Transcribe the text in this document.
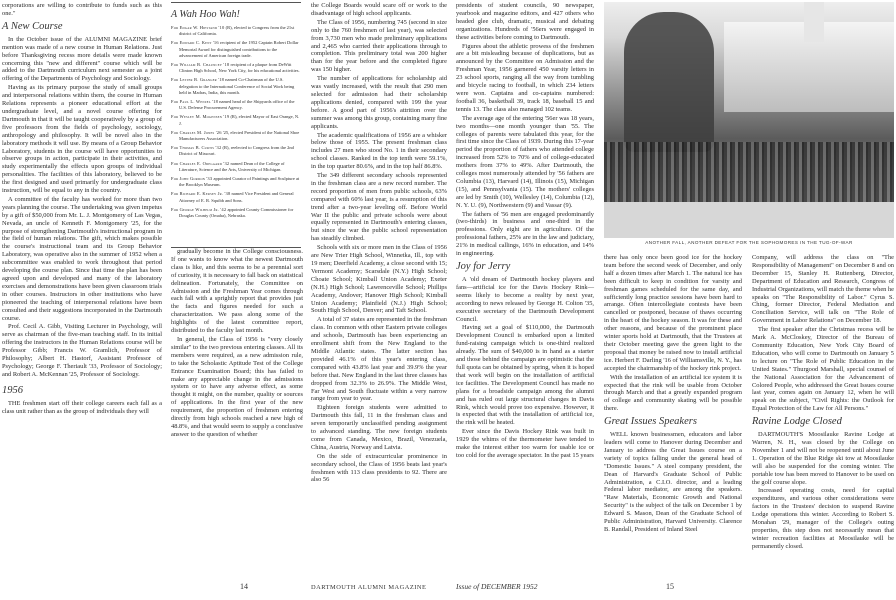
corporations are willing to contribute to funds such as this one."

A New Course

In the October issue of the ALUMNI MAGAZINE brief mention was made of a new course in Human Relations. Just before Thanksgiving recess more details were made known concerning this "new and different" course which will be added to the Dartmouth curriculum next semester as a joint offering of the Departments of Psychology and Sociology.

Having as its primary purpose the study of small groups and interpersonal relations within them, the course in Human Relations represents a pioneer educational effort at the undergraduate level, and a novel course offering for Dartmouth in that it will be taught cooperatively by a group of five professors from the fields of psychology, sociology, anthropology and philosophy. It will be novel also in the laboratory methods it will use. By means of a Group Behavior Laboratory, students in the course will have opportunities to observe groups in action, participate in their activities, and study experimentally the effects upon groups of individual personalities. The facilities of this laboratory, believed to be the first designed and used primarily for undergraduate class instruction, will be equal to any in the country.

A committee of the faculty has worked for more than two years planning the course. The undertaking was given impetus by a gift of $50,000 from Mr. L. J. Montgomery of Las Vegas, Nevada, an uncle of Kenneth F. Montgomery '25, for the purpose of strengthening Dartmouth's instructional program in the field of human relations. The gift, which makes possible the course's instructional team and its Group Behavior Laboratory, was operative also in the summer of 1952 when a subcommittee was enabled to work throughout that period developing the course plan. Since that time the plan has been agreed upon and developed and many of the laboratory exercises and demonstrations have been given classroom trials in other courses. Instructors in other institutions who have pioneered the teaching of interpersonal relations have been consulted and their suggestions incorporated in the Dartmouth course.

Prof. Cecil A. Gibb, Visiting Lecturer in Psychology, will serve as chairman of the five-man teaching staff. In its initial offering the instructors in the Human Relations course will be Professor Gibb; Francis W. Gramlich, Professor of Philosophy; Albert H. Hastorf, Assistant Professor of Psychology; George F. Theriault '33, Professor of Sociology; and Robert A. McKennan '25, Professor of Sociology.

1956

THE freshmen start off their college careers each fall as a class unit rather than as the group of individuals they will

A Wah Hoo Wah!

For Edgar W. Hiestand '10 (R), elected to Congress from the 21st district of California.

For Edward C. Kent '16 recipient of the 1952 Captain Robert Dollar Memorial Award for distinguished contributions to the advancement of American foreign trade.

For William B. Chauncey '18 recipient of a plaque from DeWitt Clinton High School, New York City, for his educational activities.

For Lester B. Granger '18 named Co-Chairman of the U.S. delegation to the International Conference of Social Work being held in Madras, India, this month.

For Paul L. Wenzel '18 named head of the Shipyards office of the U.S. Defense Procurement Agency.

For Wesley M. Mogensen '19 (R), elected Mayor of East Orange, N. J.

For Charles M. Jones '26 '25, elected President of the National Shoe Manufacturers Association.

For Thomas B. Curtis '32 (R), reelected to Congress from the 2nd District of Missouri.

For Charles E. Odegaard '32 named Dean of the College of Literature, Science and the Arts, University of Michigan.

For John Gordon '33 appointed Curator of Paintings and Sculpture at the Brooklyn Museum.

For Richard E. Kersey Jr. '38 named Vice President and General Attorney of E. R. Squibb and Sons.

For George Wilhelm Jr. '42 appointed County Commissioner for Douglas County (Omaha), Nebraska.

gradually become in the College consciousness. If one wants to know what the newest Dartmouth class is like, and this seems to be a perennial sort of curiosity, it is necessary to fall back on statistical delineation. Fortunately, the Committee on Admission and the Freshman Year comes through each fall with a sprightly report that provides just the facts and figures needed for such a characterization. We pass along some of the highlights of the latest committee report, distributed to the faculty last month.

In general, the Class of 1956 is "very closely similar" to the two previous entering classes. All its members were required, as a new admission rule, to take the Scholastic Aptitude Test of the College Entrance Examination Board; this has failed to make any appreciable change in the admissions system or to have any adverse effect, as some thought it might, on the number, quality or sources of applications. In the first year of the new requirement, the proportion of freshmen entering directly from high schools reached a new high of 48.8%, and that would seem to supply a conclusive answer to the question of whether

the College Boards would scare off or work to the disadvantage of high school applicants.

The Class of 1956, numbering 745 (second in size only to the 760 freshmen of last year), was selected from 3,730 men who made preliminary applications and 2,465 who carried their applications through to completion. This preliminary total was 200 higher than for the year before and the completed figure was 150 higher.

The number of applications for scholarship aid was vastly increased, with the result that 290 men selected for admission had their scholarship applications denied, compared with 199 the year before. A good part of 1956's attrition over the summer was among this group, containing many fine applicants.

The academic qualifications of 1956 are a whisker below those of 1955. The present freshman class includes 27 men who stood No. 1 in their secondary school classes. Ranked in the top tenth were 59.1%, in the top quarter 80.6%, and in the top half 86.8%.

The 349 different secondary schools represented in the freshman class are a new record number. The record proportion of men from public schools, 63% compared with 60% last year, is a resumption of this trend after a two-year leveling off. Before World War II the public and private schools were about equally represented in Dartmouth's entering classes, but since the war the public school representation has steadily climbed.

Schools with six or more men in the Class of 1956 are New Trier High School, Winnetka, Ill., top with 19 men; Deerfield Academy, a close second with 15; Vermont Academy; Scarsdale (N.Y.) High School; Choate School; Kimball Union Academy; Exeter (N.H.) High School; Lawrenceville School; Phillips Academy, Andover; Hanover High School; Kimball Union Academy; Plainfield (N.J.) High School; South High School, Denver; and Taft School.

A total of 37 states are represented in the freshman class. In common with other Eastern private colleges and schools, Dartmouth has been experiencing an enrollment shift from the New England to the Middle Atlantic states. The latter section has provided 46.1% of this year's entering class, compared with 43.8% last year and 39.9% the year before that. New England in the last three classes has dropped from 32.3% to 26.9%. The Middle West, Far West and South fluctuate within a very narrow range from year to year.

Eighteen foreign students were admitted to Dartmouth this fall, 11 in the freshman class and seven temporarily unclassified pending assignment to advanced standing. The new foreign students come from Canada, Mexico, Brazil, Venezuela, China, Austria, Norway and Latvia.

On the side of extracurricular prominence in secondary school, the Class of 1956 beats last year's freshmen with 113 class presidents to 92. There are also 56

presidents of student councils, 90 newspaper, yearbook and magazine editors, and 427 others who headed glee club, dramatic, musical and debating organizations. Hundreds of '56ers were engaged in these activities before coming to Dartmouth.

Figures about the athletic prowess of the freshmen are a bit misleading because of duplications, but as announced by the Committee on Admission and the Freshman Year, 1956 garnered 450 varsity letters in 23 school sports, ranging all the way from tumbling and bicycle racing to football, in which 234 letters were won. Captains and co-captains numbered: football 36, basketball 39, track 18, baseball 15 and tennis 13. The class also managed 102 teams.

The average age of the entering '56er was 18 years, two months—one month younger than '55. The colleges of parents were tabulated this year, for the first time since the Class of 1939. During this 17-year period the proportion of fathers who attended college increased from 52% to 70% and of college-educated mothers from 37% to 49%. After Dartmouth, the colleges most numerously attended by '56 fathers are Columbia (13), Harvard (14), Illinois (15), Michigan (15), and Pennsylvania (15). The mothers' colleges are led by Smith (10), Wellesley (14), Columbia (12), N. Y. U. (9), Northwestern (9) and Vassar (9).

The fathers of '56 men are engaged predominantly (two-thirds) in business and one-third in the professions. Only eight are in agriculture. Of the professional fathers, 25% are in the law and judiciary, 21% in medical callings, 16% in education, and 14% in engineering.

Joy for Jerry

A 'old dream of Dartmouth hockey players and fans—artificial ice for the Davis Hockey Rink—seems likely to become a reality by next year, according to news released by George H. Colton '35, executive secretary of the Dartmouth Development Council.

Having set a goal of $110,000, the Dartmouth Development Council is embarked upon a limited fund-raising campaign which is one-third realized already. The sum of $40,000 is in hand as a starter and those behind the campaign are optimistic that the full quota can be obtained by spring, when it is hoped that work will begin on the installation of artificial ice facilities. The Development Council has made no plans for a broadside campaign among the alumni and has ruled out large structural changes in Davis Rink, which would prove too expensive. However, it is expected that with the installation of artificial ice, the rink will be heated.

Ever since the Davis Hockey Rink was built in 1929 the whims of the thermometer have tended to make the interest either too warm for usable ice or too cold for the average spectator. In the past 15 years

ANOTHER FALL, ANOTHER DEFEAT FOR THE SOPHOMORES IN THE TUG-OF-WAR

there has only once been good ice for the hockey team before the second week of December, and only half a dozen times after March 1. The natural ice has been difficult to keep in condition for varsity and freshman games scheduled for the same day, and sufficiently long practice sessions have been hard to arrange. Often intercollegiate contests have been cancelled or postponed, because of thaws occurring in the heart of the hockey season. It was for these and other reasons, and because of the prominent place winter sports hold at Dartmouth, that the Trustees at their October meeting gave the green light to the proposal that money be raised now to install artificial ice. Herbert F. Darling '16 of Williamsville, N. Y., has accepted the chairmanship of the hockey rink project.

With the installation of an artificial ice system it is expected that the rink will be usable from October through March and that a greatly expanded program of college and community skating will be possible there.

Great Issues Speakers

WELL known businessmen, educators and labor leaders will come to Hanover during December and January to address the Great Issues course on a variety of topics falling under the general head of "Domestic Issues." A steel company president, the Dean of Harvard's Graduate School of Public Administration, a C.I.O. director, and a leading Federal labor mediator, are among the speakers. "Raw Materials, Economic Growth and National Security" is the subject of the talk on December 1 by Edward S. Mason, Dean of the Graduate School of Public Administration, Harvard University. Clarence B. Randall, President of Inland Steel

Company, will address the class on "The Responsibility of Management" on December 8 and on December 15, Stanley H. Ruttenberg, Director, Department of Education and Research, Congress of Industrial Organizations, will match the theme when he speaks on "The Responsibility of Labor." Cyrus S. Ching, former Director, Federal Mediation and Conciliation Service, will talk on "The Role of Government in Labor Relations" on December 18.

The first speaker after the Christmas recess will be Mark A. McCloskey, Director of the Bureau of Community Education, New York City Board of Education, who will come to Dartmouth on January 5 to lecture on "The Role of Public Education in the United States." Thurgood Marshall, special counsel of the National Association for the Advancement of Colored People, who addressed the Great Issues course last year, comes again on January 12, when he will speak on the subject, "Civil Rights: the Outlook for Equal Protection of the Law for All Persons."

Ravine Lodge Closed

DARTMOUTH'S Moosilauke Ravine Lodge at Warren, N. H., was closed by the College on November 1 and will not be reopened until about June 1. Operation of the Blue Ridge ski tow at Moosilauke will also be suspended for the coming winter. The portable tow has been moved to Hanover to be used on the golf course slope.

Increased operating costs, need for capital expenditures, and various other considerations were factors in the Trustees' decision to suspend Ravine Lodge operations this winter. According to Robert S. Monahan '29, manager of the College's outing properties, this step does not necessarily mean that winter recreation facilities at Moosilauke will be permanently closed.

14	DARTMOUTH ALUMNI MAGAZINE	Issue of DECEMBER 1952	15
